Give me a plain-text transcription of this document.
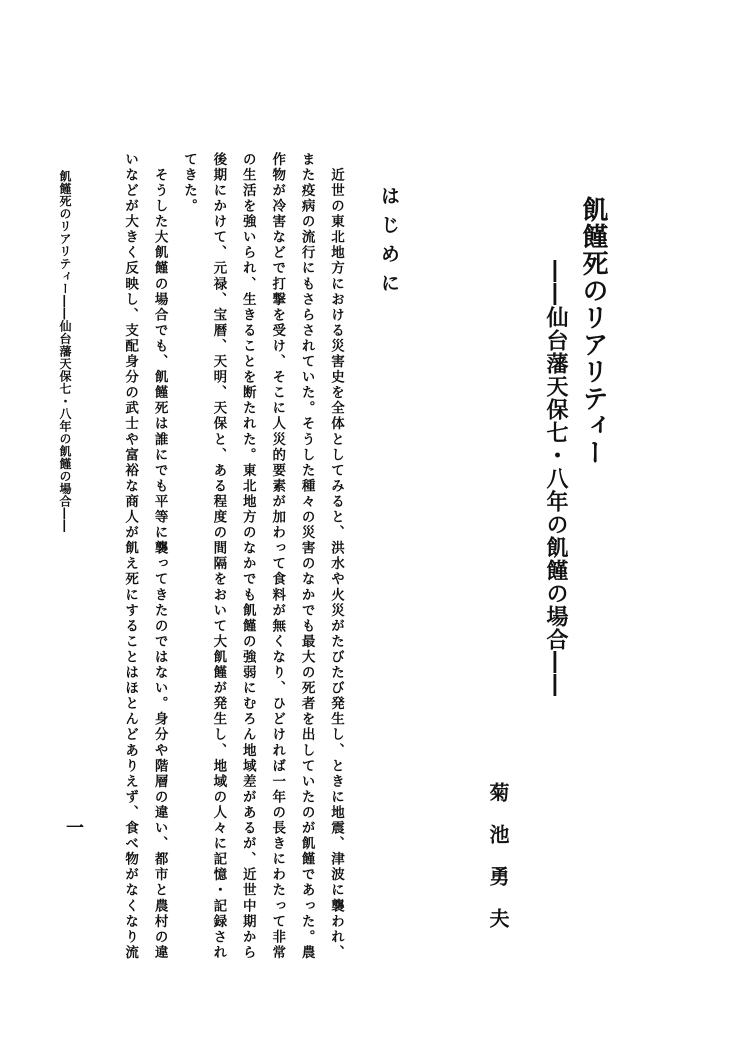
飢饉死のリアリティー
――仙台藩天保七・八年の飢饉の場合――
菊池勇夫
はじめに

　近世の東北地方における災害史を全体としてみると、洪水や火災がたびたび発生し、ときに地震、津波に襲われ、また疫病の流行にもさらされていた。そうした種々の災害のなかでも最大の死者を出していたのが飢饉であった。農作物が冷害などで打撃を受け、そこに人災的要素が加わって食料が無くなり、ひどければ一年の長きにわたって非常の生活を強いられ、生きることを断たれた。東北地方のなかでも飢饉の強弱にむろん地域差があるが、近世中期から後期にかけて、元禄、宝暦、天明、天保と、ある程度の間隔をおいて大飢饉が発生し、地域の人々に記憶・記録されてきた。

　そうした大飢饉の場合でも、飢饉死は誰にでも平等に襲ってきたのではない。身分や階層の違い、都市と農村の違いなどが大きく反映し、支配身分の武士や富裕な商人が飢え死にすることはほとんどありえず、食べ物がなくなり流

飢饉死のリアリティー――仙台藩天保七・八年の飢饉の場合――
一
